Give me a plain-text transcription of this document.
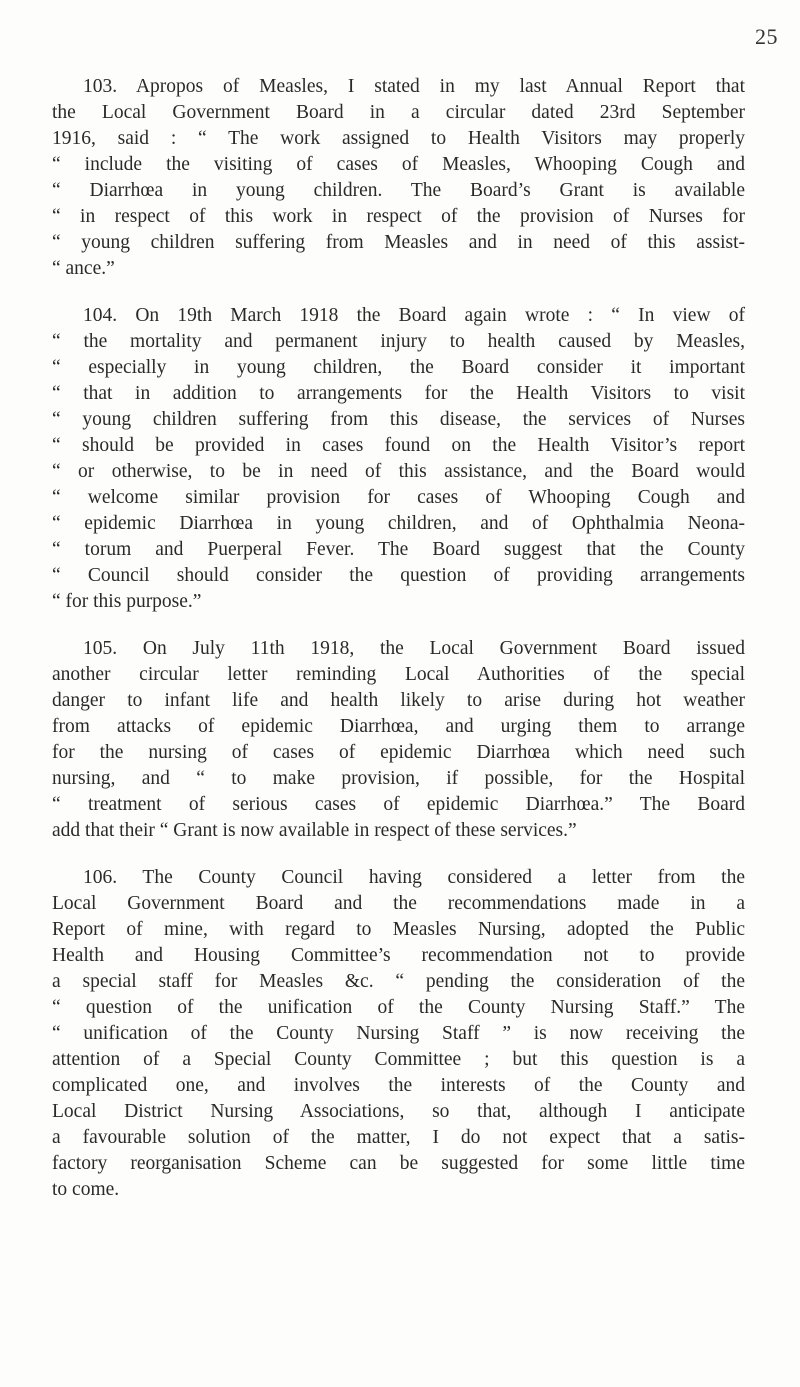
25
103. Apropos of Measles, I stated in my last Annual Report that
the Local Government Board in a circular dated 23rd September
1916, said : “ The work assigned to Health Visitors may properly
“ include the visiting of cases of Measles, Whooping Cough and
“ Diarrhœa in young children. The Board’s Grant is available
“ in respect of this work in respect of the provision of Nurses for
“ young children suffering from Measles and in need of this assist-
“ ance.”
104. On 19th March 1918 the Board again wrote : “ In view of
“ the mortality and permanent injury to health caused by Measles,
“ especially in young children, the Board consider it important
“ that in addition to arrangements for the Health Visitors to visit
“ young children suffering from this disease, the services of Nurses
“ should be provided in cases found on the Health Visitor’s report
“ or otherwise, to be in need of this assistance, and the Board would
“ welcome similar provision for cases of Whooping Cough and
“ epidemic Diarrhœa in young children, and of Ophthalmia Neona-
“ torum and Puerperal Fever. The Board suggest that the County
“ Council should consider the question of providing arrangements
“ for this purpose.”
105. On July 11th 1918, the Local Government Board issued
another circular letter reminding Local Authorities of the special
danger to infant life and health likely to arise during hot weather
from attacks of epidemic Diarrhœa, and urging them to arrange
for the nursing of cases of epidemic Diarrhœa which need such
nursing, and “ to make provision, if possible, for the Hospital
“ treatment of serious cases of epidemic Diarrhœa.” The Board
add that their “ Grant is now available in respect of these services.”
106. The County Council having considered a letter from the
Local Government Board and the recommendations made in a
Report of mine, with regard to Measles Nursing, adopted the Public
Health and Housing Committee’s recommendation not to provide
a special staff for Measles &c. “ pending the consideration of the
“ question of the unification of the County Nursing Staff.” The
“ unification of the County Nursing Staff ” is now receiving the
attention of a Special County Committee ; but this question is a
complicated one, and involves the interests of the County and
Local District Nursing Associations, so that, although I anticipate
a favourable solution of the matter, I do not expect that a satis-
factory reorganisation Scheme can be suggested for some little time
to come.
